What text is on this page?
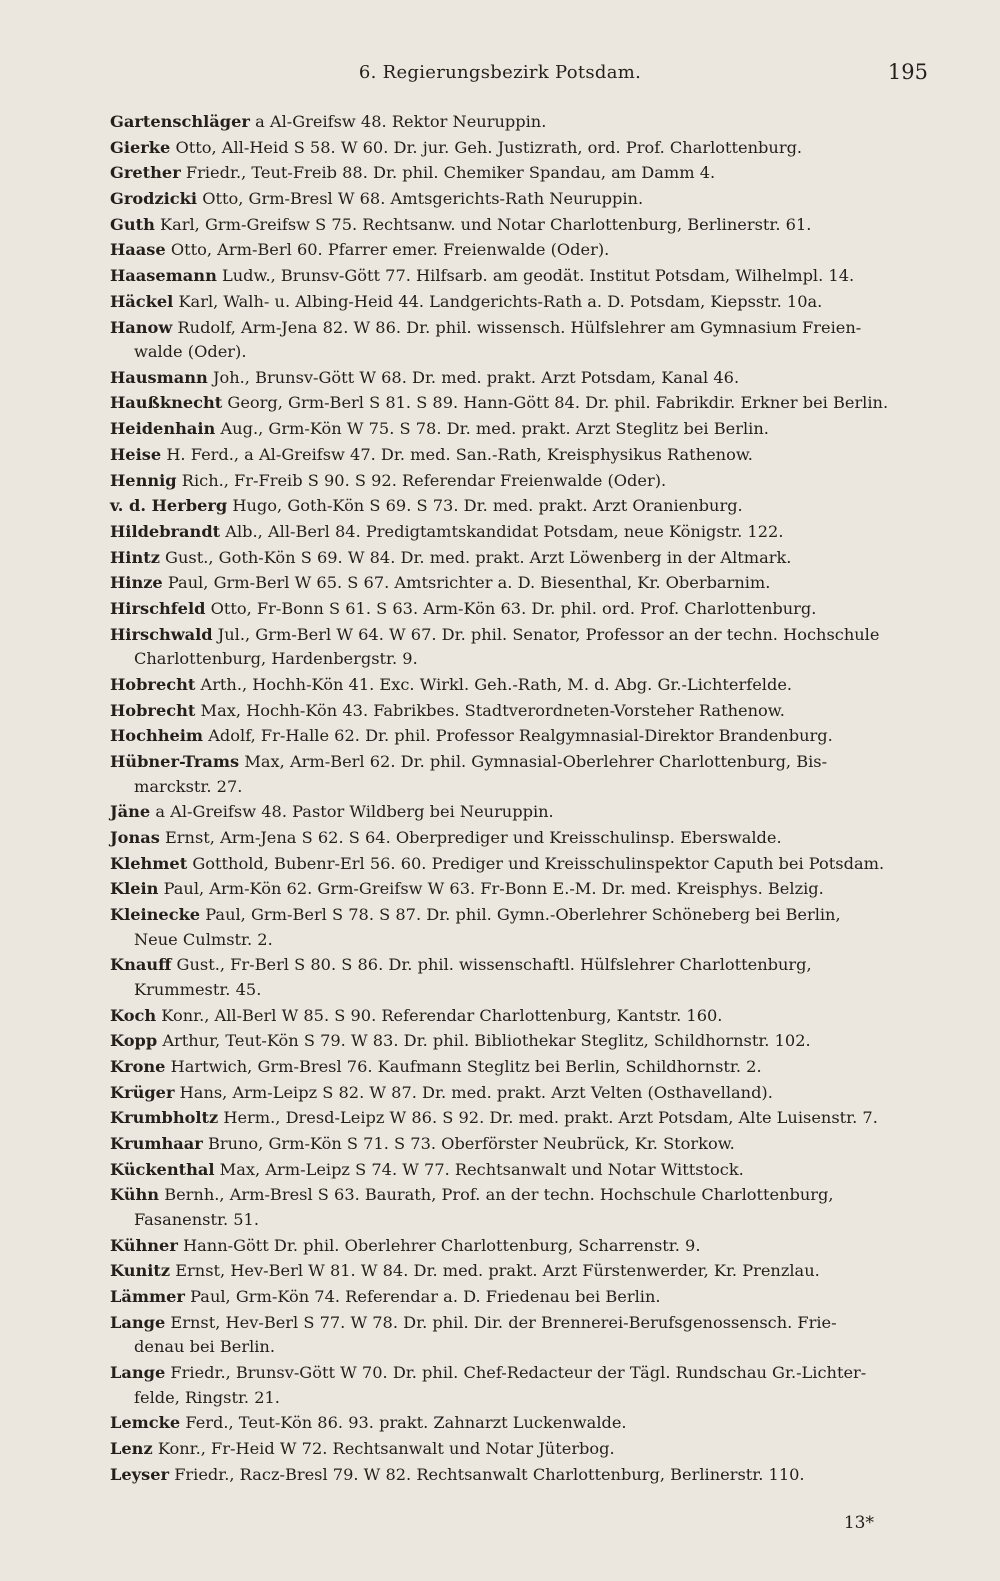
6. Regierungsbezirk Potsdam.	195
Gartenschläger a Al-Greifsw 48. Rektor Neuruppin.
Gierke Otto, All-Heid S 58. W 60. Dr. jur. Geh. Justizrath, ord. Prof. Charlottenburg.
Grether Friedr., Teut-Freib 88. Dr. phil. Chemiker Spandau, am Damm 4.
Grodzicki Otto, Grm-Bresl W 68. Amtsgerichts-Rath Neuruppin.
Guth Karl, Grm-Greifsw S 75. Rechtsanw. und Notar Charlottenburg, Berlinerstr. 61.
Haase Otto, Arm-Berl 60. Pfarrer emer. Freienwalde (Oder).
Haasemann Ludw., Brunsv-Gött 77. Hilfsarb. am geodät. Institut Potsdam, Wilhelmpl. 14.
Häckel Karl, Walh- u. Albing-Heid 44. Landgerichts-Rath a. D. Potsdam, Kiepsstr. 10a.
Hanow Rudolf, Arm-Jena 82. W 86. Dr. phil. wissensch. Hülfslehrer am Gymnasium Freien-
walde (Oder).
Hausmann Joh., Brunsv-Gött W 68. Dr. med. prakt. Arzt Potsdam, Kanal 46.
Haußknecht Georg, Grm-Berl S 81. S 89. Hann-Gött 84. Dr. phil. Fabrikdir. Erkner bei Berlin.
Heidenhain Aug., Grm-Kön W 75. S 78. Dr. med. prakt. Arzt Steglitz bei Berlin.
Heise H. Ferd., a Al-Greifsw 47. Dr. med. San.-Rath, Kreisphysikus Rathenow.
Hennig Rich., Fr-Freib S 90. S 92. Referendar Freienwalde (Oder).
v. d. Herberg Hugo, Goth-Kön S 69. S 73. Dr. med. prakt. Arzt Oranienburg.
Hildebrandt Alb., All-Berl 84. Predigtamtskandidat Potsdam, neue Königstr. 122.
Hintz Gust., Goth-Kön S 69. W 84. Dr. med. prakt. Arzt Löwenberg in der Altmark.
Hinze Paul, Grm-Berl W 65. S 67. Amtsrichter a. D. Biesenthal, Kr. Oberbarnim.
Hirschfeld Otto, Fr-Bonn S 61. S 63. Arm-Kön 63. Dr. phil. ord. Prof. Charlottenburg.
Hirschwald Jul., Grm-Berl W 64. W 67. Dr. phil. Senator, Professor an der techn. Hochschule
Charlottenburg, Hardenbergstr. 9.
Hobrecht Arth., Hochh-Kön 41. Exc. Wirkl. Geh.-Rath, M. d. Abg. Gr.-Lichterfelde.
Hobrecht Max, Hochh-Kön 43. Fabrikbes. Stadtverordneten-Vorsteher Rathenow.
Hochheim Adolf, Fr-Halle 62. Dr. phil. Professor Realgymnasial-Direktor Brandenburg.
Hübner-Trams Max, Arm-Berl 62. Dr. phil. Gymnasial-Oberlehrer Charlottenburg, Bis-
marckstr. 27.
Jäne a Al-Greifsw 48. Pastor Wildberg bei Neuruppin.
Jonas Ernst, Arm-Jena S 62. S 64. Oberprediger und Kreisschulinsp. Eberswalde.
Klehmet Gotthold, Bubenr-Erl 56. 60. Prediger und Kreisschulinspektor Caputh bei Potsdam.
Klein Paul, Arm-Kön 62. Grm-Greifsw W 63. Fr-Bonn E.-M. Dr. med. Kreisphys. Belzig.
Kleinecke Paul, Grm-Berl S 78. S 87. Dr. phil. Gymn.-Oberlehrer Schöneberg bei Berlin,
Neue Culmstr. 2.
Knauff Gust., Fr-Berl S 80. S 86. Dr. phil. wissenschaftl. Hülfslehrer Charlottenburg,
Krummestr. 45.
Koch Konr., All-Berl W 85. S 90. Referendar Charlottenburg, Kantstr. 160.
Kopp Arthur, Teut-Kön S 79. W 83. Dr. phil. Bibliothekar Steglitz, Schildhornstr. 102.
Krone Hartwich, Grm-Bresl 76. Kaufmann Steglitz bei Berlin, Schildhornstr. 2.
Krüger Hans, Arm-Leipz S 82. W 87. Dr. med. prakt. Arzt Velten (Osthavelland).
Krumbholtz Herm., Dresd-Leipz W 86. S 92. Dr. med. prakt. Arzt Potsdam, Alte Luisenstr. 7.
Krumhaar Bruno, Grm-Kön S 71. S 73. Oberförster Neubrück, Kr. Storkow.
Kückenthal Max, Arm-Leipz S 74. W 77. Rechtsanwalt und Notar Wittstock.
Kühn Bernh., Arm-Bresl S 63. Baurath, Prof. an der techn. Hochschule Charlottenburg,
Fasanenstr. 51.
Kühner Hann-Gött Dr. phil. Oberlehrer Charlottenburg, Scharrenstr. 9.
Kunitz Ernst, Hev-Berl W 81. W 84. Dr. med. prakt. Arzt Fürstenwerder, Kr. Prenzlau.
Lämmer Paul, Grm-Kön 74. Referendar a. D. Friedenau bei Berlin.
Lange Ernst, Hev-Berl S 77. W 78. Dr. phil. Dir. der Brennerei-Berufsgenossensch. Frie-
denau bei Berlin.
Lange Friedr., Brunsv-Gött W 70. Dr. phil. Chef-Redacteur der Tägl. Rundschau Gr.-Lichter-
felde, Ringstr. 21.
Lemcke Ferd., Teut-Kön 86. 93. prakt. Zahnarzt Luckenwalde.
Lenz Konr., Fr-Heid W 72. Rechtsanwalt und Notar Jüterbog.
Leyser Friedr., Racz-Bresl 79. W 82. Rechtsanwalt Charlottenburg, Berlinerstr. 110.
13*
